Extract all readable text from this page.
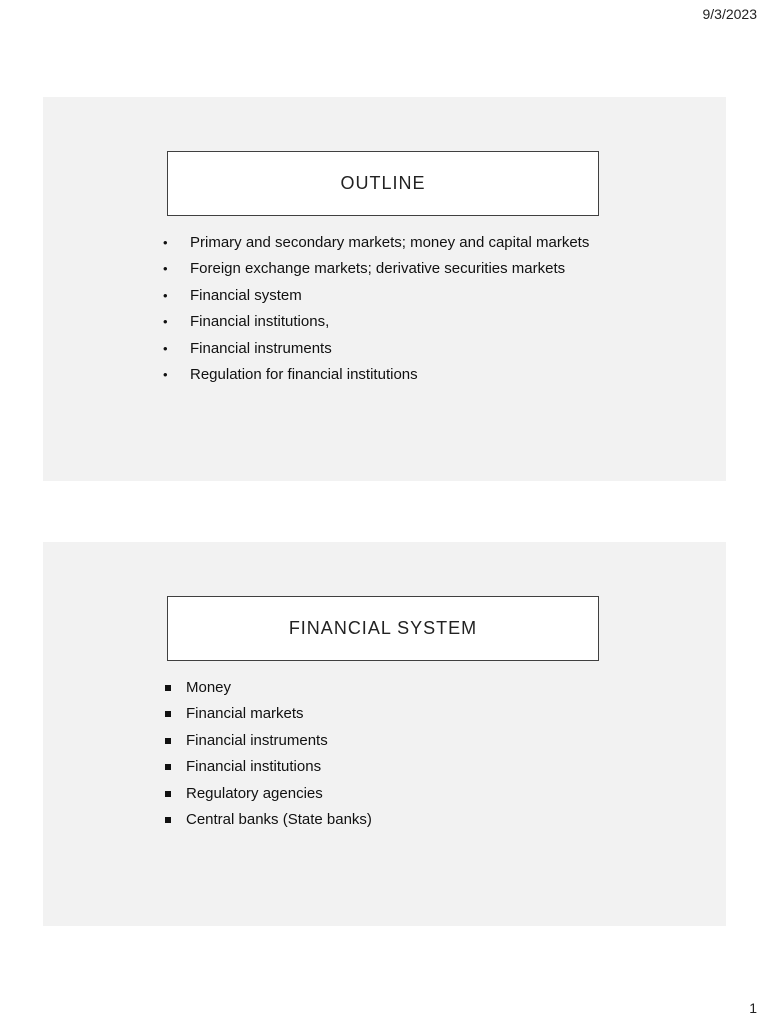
9/3/2023
OUTLINE
•	Primary and secondary markets; money and capital markets
•	Foreign exchange markets; derivative securities markets
•	Financial system
•	Financial institutions,
•	Financial instruments
•	Regulation for financial institutions
FINANCIAL SYSTEM
Money
Financial markets
Financial instruments
Financial institutions
Regulatory agencies
Central banks (State banks)
1
